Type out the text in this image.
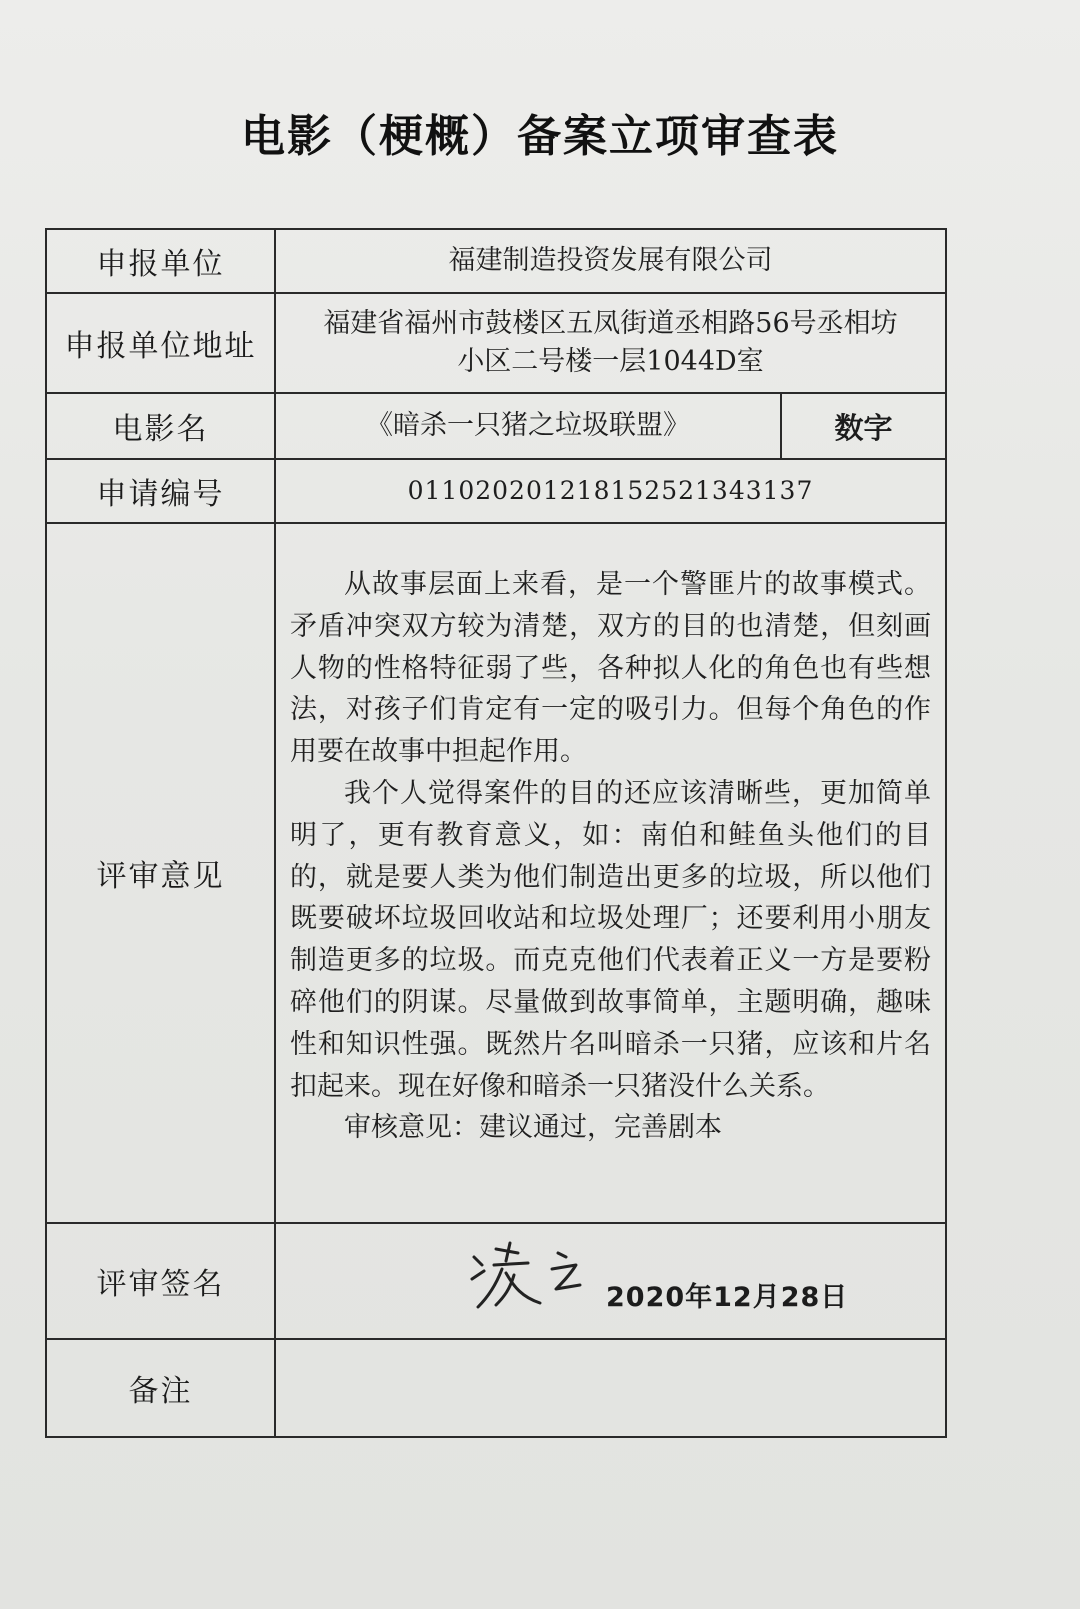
电影（梗概）备案立项审查表
申报单位	福建制造投资发展有限公司	
申报单位地址	福建省福州市鼓楼区五凤街道丞相路56号丞相坊
小区二号楼一层1044D室	

电影名	《暗杀一只猪之垃圾联盟》	数字
申请编号	011020201218152521343137	
评审意见	从故事层面上来看，是一个警匪片的故事模式。矛盾冲突双方较为清楚，双方的目的也清楚，但刻画人物的性格特征弱了些，各种拟人化的角色也有些想法，对孩子们肯定有一定的吸引力。但每个角色的作用要在故事中担起作用。

我个人觉得案件的目的还应该清晰些，更加简单明了，更有教育意义，如：南伯和鲑鱼头他们的目的，就是要人类为他们制造出更多的垃圾，所以他们既要破坏垃圾回收站和垃圾处理厂；还要利用小朋友制造更多的垃圾。而克克他们代表着正义一方是要粉碎他们的阴谋。尽量做到故事简单，主题明确，趣味性和知识性强。既然片名叫暗杀一只猪，应该和片名扣起来。现在好像和暗杀一只猪没什么关系。

审核意见：建议通过，完善剧本	

评审签名	2020年12月28日	

备注		
